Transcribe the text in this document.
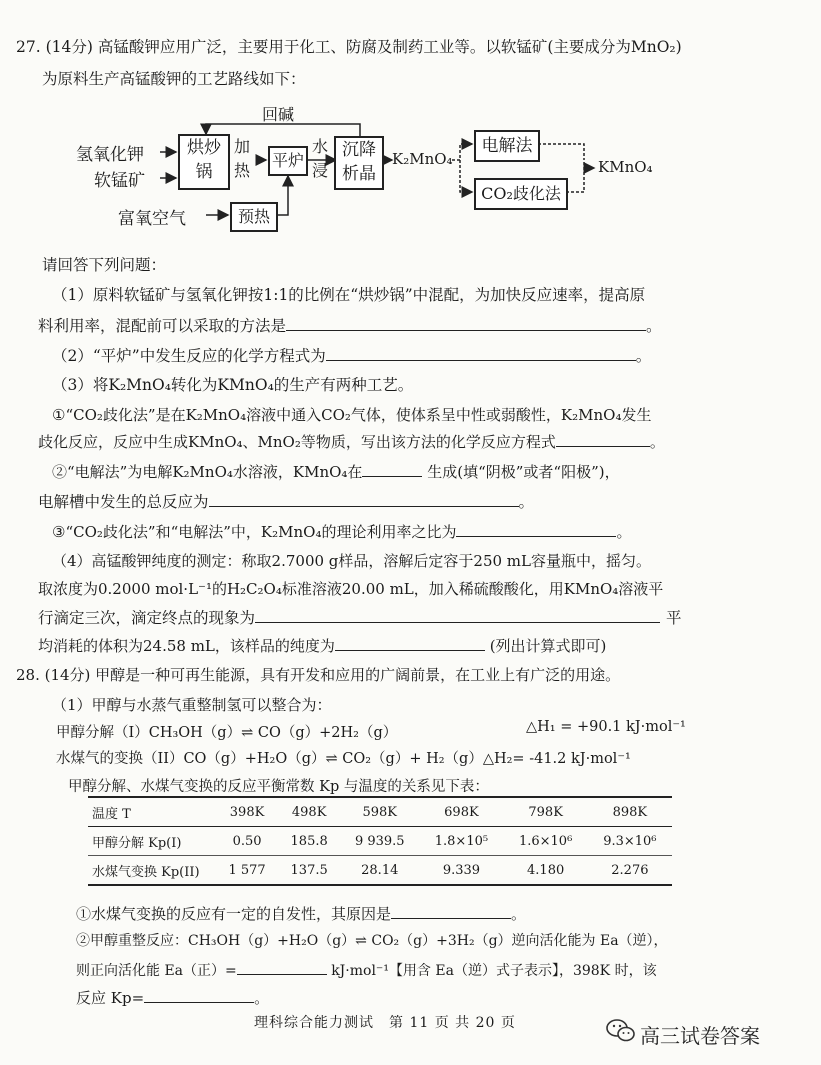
27. (14分) 高锰酸钾应用广泛，主要用于化工、防腐及制药工业等。以软锰矿(主要成分为MnO₂)
为原料生产高锰酸钾的工艺路线如下：
氢氧化钾
软锰矿
富氧空气
回碱
烘炒锅
加
热
平炉
水
浸
沉降析晶
预热
K₂MnO₄
电解法
CO₂歧化法
KMnO₄
请回答下列问题：
（1）原料软锰矿与氢氧化钾按1:1的比例在“烘炒锅”中混配，为加快反应速率，提高原
料利用率，混配前可以采取的方法是	。
（2）“平炉”中发生反应的化学方程式为	。
（3）将K₂MnO₄转化为KMnO₄的生产有两种工艺。
①“CO₂歧化法”是在K₂MnO₄溶液中通入CO₂气体，使体系呈中性或弱酸性，K₂MnO₄发生
歧化反应，反应中生成KMnO₄、MnO₂等物质，写出该方法的化学反应方程式	。
②“电解法”为电解K₂MnO₄水溶液，KMnO₄在	生成(填“阴极”或者“阳极”)，
电解槽中发生的总反应为	。
③“CO₂歧化法”和“电解法”中，K₂MnO₄的理论利用率之比为	。
（4）高锰酸钾纯度的测定：称取2.7000 g样品，溶解后定容于250 mL容量瓶中，摇匀。
取浓度为0.2000 mol·L⁻¹的H₂C₂O₄标准溶液20.00 mL，加入稀硫酸酸化，用KMnO₄溶液平
行滴定三次，滴定终点的现象为	平
均消耗的体积为24.58 mL，该样品的纯度为	(列出计算式即可)
28. (14分) 甲醇是一种可再生能源，具有开发和应用的广阔前景，在工业上有广泛的用途。
（1）甲醇与水蒸气重整制氢可以整合为：
甲醇分解（I）CH₃OH（g）⇌ CO（g）+2H₂（g）	△H₁ = +90.1 kJ·mol⁻¹
水煤气的变换（II）CO（g）+H₂O（g）⇌ CO₂（g）+ H₂（g）△H₂= -41.2 kJ·mol⁻¹
甲醇分解、水煤气变换的反应平衡常数 Kp 与温度的关系见下表：
温度 T	398K	498K	598K	698K	798K	898K
甲醇分解 Kp(I)	0.50	185.8	9 939.5	1.8×10⁵	1.6×10⁶	9.3×10⁶
水煤气变换 Kp(II)	1 577	137.5	28.14	9.339	4.180	2.276
①水煤气变换的反应有一定的自发性，其原因是	。
②甲醇重整反应：CH₃OH（g）+H₂O（g）⇌ CO₂（g）+3H₂（g）逆向活化能为 Ea（逆），
则正向活化能 Ea（正）=	kJ·mol⁻¹【用含 Ea（逆）式子表示】，398K 时，该
反应 Kp=	。
理科综合能力测试　第 11 页 共 20 页
高三试卷答案
